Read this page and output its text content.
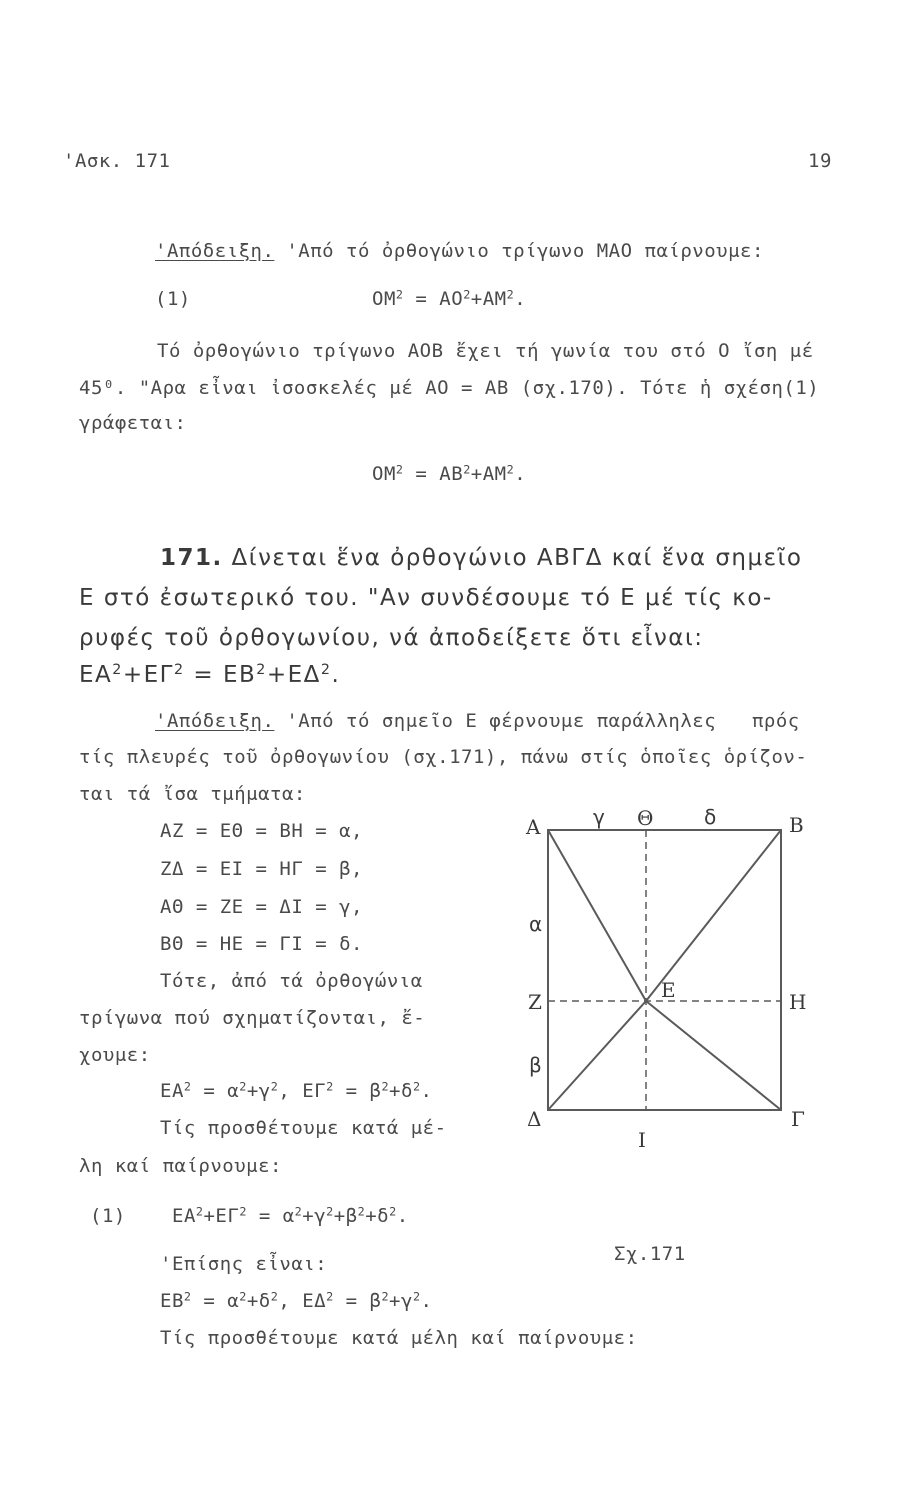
'Ασκ. 171	19
'Απόδειξη. 'Από τό ὀρθογώνιο τρίγωνο ΜΑΟ παίρνουμε:
(1)	$OM^2 = AO^2+AM^2$.
Τό ὀρθογώνιο τρίγωνο ΑΟΒ ἔχει τή γωνία του στό Ο ἴση μέ
45⁰. "Αρα εἶναι ἰσοσκελές μέ ΑΟ = ΑΒ (σχ.170). Τότε ἡ σχέση(1)
γράφεται:
$OM^2 = AB^2+AM^2$.
171. Δίνεται ἕνα ὀρθογώνιο ΑΒΓΔ καί ἕνα σημεῖο
Ε στό ἐσωτερικό του. "Αν συνδέσουμε τό Ε μέ τίς κο-
ρυφές τοῦ ὀρθογωνίου, νά ἀποδείξετε ὅτι εἶναι:
$EA^2+E\Gamma^2 = EB^2+E\Delta^2$.
'Απόδειξη. 'Από τό σημεῖο Ε φέρνουμε παράλληλες   πρός
τίς πλευρές τοῦ ὀρθογωνίου (σχ.171), πάνω στίς ὁποῖες ὁρίζον-
ται τά ἴσα τμήματα:
ΑΖ = ΕΘ = ΒΗ = α,
ΖΔ = ΕΙ = ΗΓ = β,
ΑΘ = ΖΕ = ΔΙ = γ,
ΒΘ = ΗΕ = ΓΙ = δ.
Τότε, ἀπό τά ὀρθογώνια
τρίγωνα πού σχηματίζονται, ἔ-
χουμε:
$EA^2 = \alpha^2+\gamma^2$, $E\Gamma^2 = \beta^2+\delta^2$.
Τίς προσθέτουμε κατά μέ-
λη καί παίρνουμε:
(1) $EA^2+E\Gamma^2 = \alpha^2+\gamma^2+\beta^2+\delta^2$.
'Επίσης εἶναι:
$EB^2 = \alpha^2+\delta^2$, $E\Delta^2 = \beta^2+\gamma^2$.
Τίς προσθέτουμε κατά μέλη καί παίρνουμε:
Α	Β
Γ
Δ
Ε
Ζ	Η
Θ
Ι
α
β
γ	δ
Σχ.171
